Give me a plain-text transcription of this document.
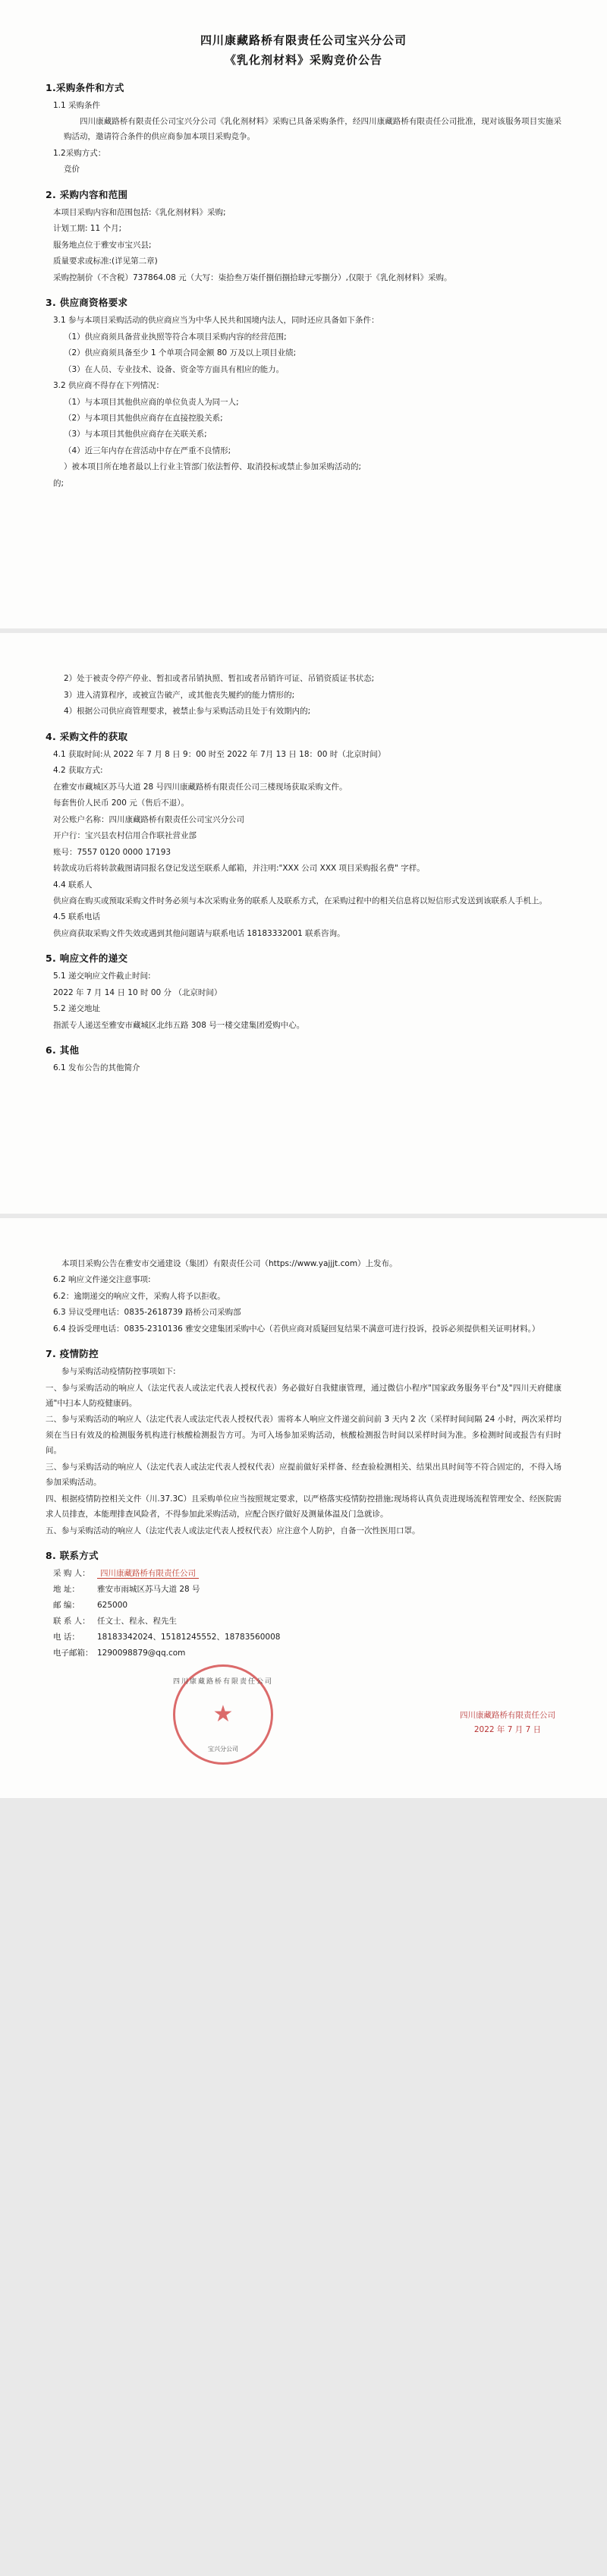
四川康藏路桥有限责任公司宝兴分公司
《乳化剂材料》采购竞价公告
1.采购条件和方式

1.1 采购条件

四川康藏路桥有限责任公司宝兴分公司《乳化剂材料》采购已具备采购条件，经四川康藏路桥有限责任公司批准，现对该服务项目实施采购活动，邀请符合条件的供应商参加本项目采购竞争。

1.2采购方式：

竞价

2. 采购内容和范围

本项目采购内容和范围包括:《乳化剂材料》采购;

计划工期: 11 个月;

服务地点位于雅安市宝兴县;

质量要求或标准:(详见第二章)

采购控制价（不含税）737864.08 元（大写：柒拾叁万柒仟捌佰捌拾肆元零捌分）,仅限于《乳化剂材料》采购。

3. 供应商资格要求

3.1 参与本项目采购活动的供应商应当为中华人民共和国境内法人，同时还应具备如下条件：

（1）供应商须具备营业执照等符合本项目采购内容的经营范围;

（2）供应商须具备至少 1 个单项合同金额 80 万及以上项目业绩;

（3）在人员、专业技术、设备、资金等方面具有相应的能力。

3.2 供应商不得存在下列情况：

（1）与本项目其他供应商的单位负责人为同一人;

（2）与本项目其他供应商存在直接控股关系;

（3）与本项目其他供应商存在关联关系;

（4）近三年内存在营活动中存在严重不良情形;

）被本项目所在地者最以上行业主管部门依法暂停、取消投标或禁止参加采购活动的;

的;

2）处于被责令停产停业、暂扣或者吊销执照、暂扣或者吊销许可证、吊销资质证书状态;

3）进入清算程序，或被宣告破产，或其他丧失履约的能力情形的;

4）根据公司供应商管理要求，被禁止参与采购活动且处于有效期内的;

4. 采购文件的获取

4.1 获取时间:从 2022 年 7 月 8 日 9：00 时至 2022 年 7月 13 日 18：00 时（北京时间）

4.2 获取方式:

在雅安市藏城区苏马大道 28 号四川康藏路桥有限责任公司三楼现场获取采购文件。

每套售价人民币 200 元（售后不退）。

对公账户名称：四川康藏路桥有限责任公司宝兴分公司

开户行：宝兴县农村信用合作联社营业部

账号：7557 0120 0000 17193

转款成功后将转款截图请同报名登记发送至联系人邮箱，并注明:"XXX 公司 XXX 项目采购报名费" 字样。

4.4 联系人

供应商在购买或预取采购文件时务必须与本次采购业务的联系人及联系方式，在采购过程中的相关信息将以短信形式发送到该联系人手机上。

4.5 联系电话

供应商获取采购文件失效或遇到其他问题请与联系电话 18183332001 联系咨询。

5. 响应文件的递交

5.1 递交响应文件截止时间:

2022 年 7 月 14 日 10 时 00 分 （北京时间）

5.2 递交地址

指派专人递送至雅安市藏城区北纬五路 308 号一楼交建集团爱购中心。

6. 其他

6.1 发布公告的其他简介

本项目采购公告在雅安市交通建设（集团）有限责任公司（https://www.yajjjt.com）上发布。

6.2 响应文件递交注意事项:

6.2：逾期递交的响应文件，采购人将予以拒收。

6.3 异议受理电话：0835-2618739 路桥公司采购部

6.4 投诉受理电话：0835-2310136 雅安交建集团采购中心（若供应商对质疑回复结果不满意可进行投诉，投诉必须提供相关证明材料。）

7. 疫情防控

参与采购活动疫情防控事项如下:

一、参与采购活动的响应人（法定代表人或法定代表人授权代表）务必做好自我健康管理，通过微信小程序"国家政务服务平台"及"四川天府健康通"中扫本人防疫健康码。

二、参与采购活动的响应人（法定代表人或法定代表人授权代表）需将本人响应文件递交前问前 3 天内 2 次（采样时间间隔 24 小时，两次采样均须在当日有效及的检测服务机构进行核酸检测报告方可。为可入场参加采购活动，核酸检测报告时间以采样时间为准。多检测时间或报告有归时间。

三、参与采购活动的响应人（法定代表人或法定代表人授权代表）应提前做好采样备、经查验检测相关、结果出具时间等不符合固定的，不得入场参加采购活动。

四、根据疫情防控相关文件（川.37.3C）且采购单位应当按照规定要求，以严格落实疫情防控措施;现场将认真负责进现场流程管理安全、经医院需求人员排查，本能理排查风险者，不得参加此采购活动，应配合医疗做好及测量体温及门急就诊。

五、参与采购活动的响应人（法定代表人或法定代表人授权代表）应注意个人防护，自备一次性医用口罩。

8. 联系方式
采 购 人： 四川康藏路桥有限责任公司
地 址： 雅安市雨城区苏马大道 28 号
邮 编： 625000
联 系 人： 任文士、程永、程先生
电 话： 18183342024、15181245552、18783560008
电子邮箱： 1290098879@qq.com
四川康藏路桥有限责任公司
★
宝兴分公司
四川康藏路桥有限责任公司
2022 年 7 月 7 日
